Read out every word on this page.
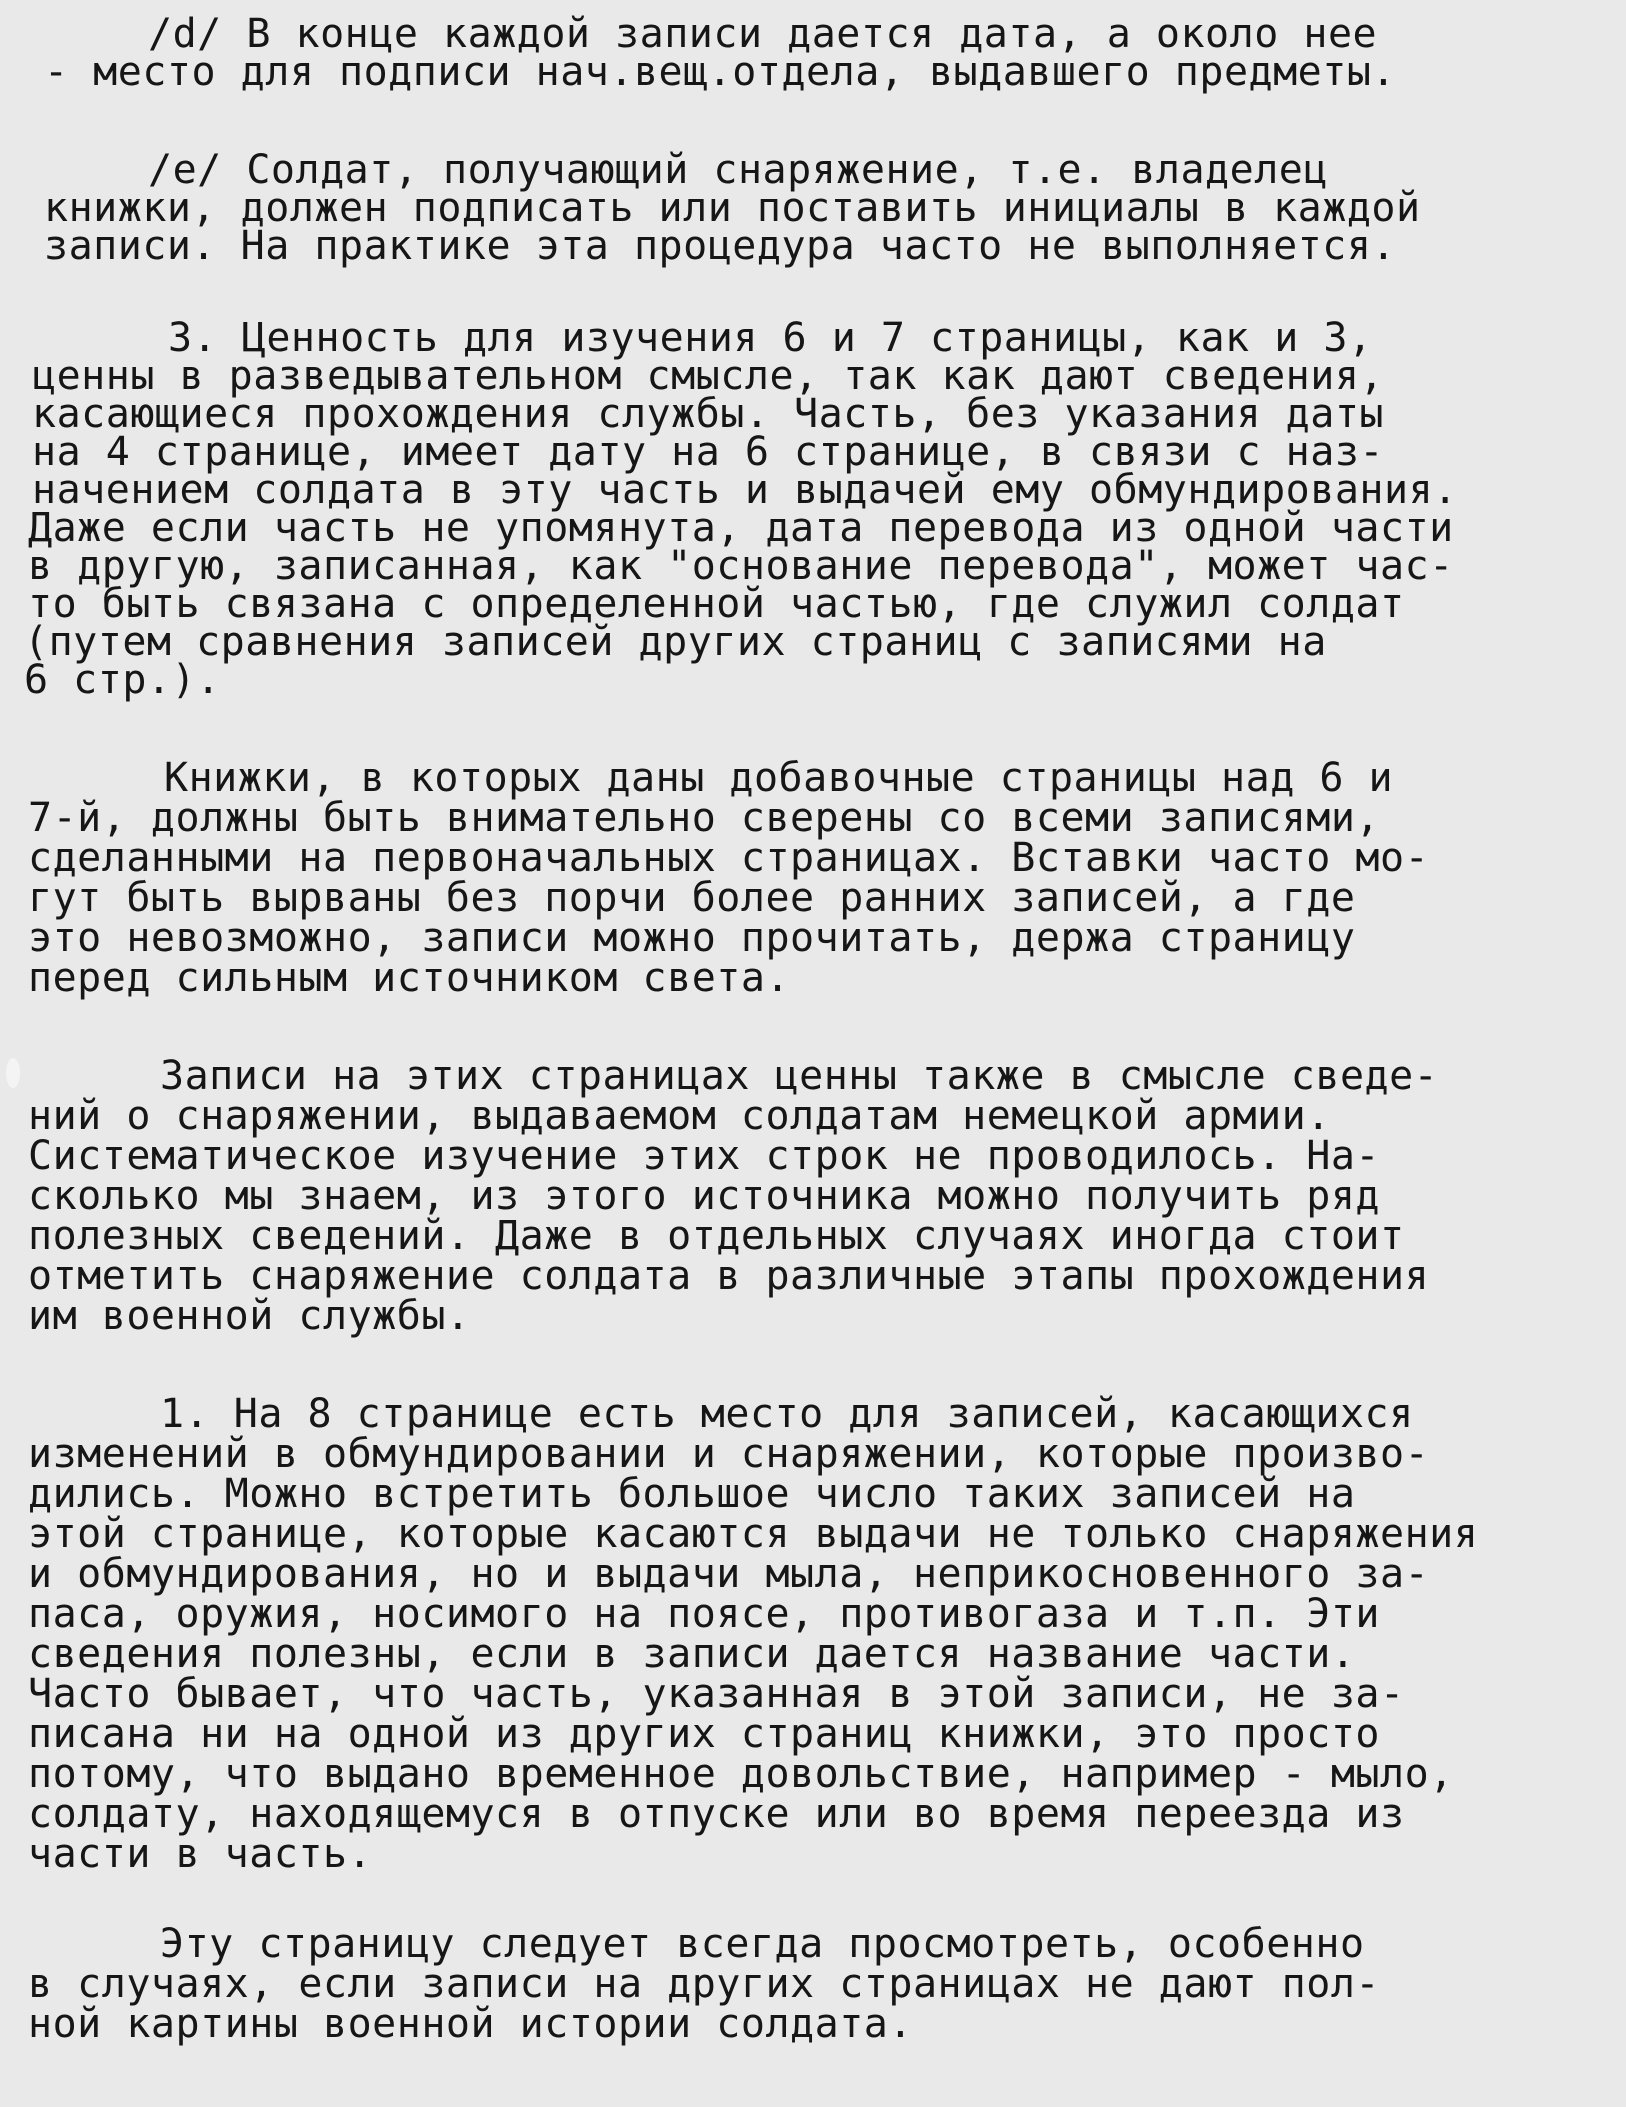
/d/ В конце каждой записи дается дата, а около нее
- место для подписи нач.вещ.отдела, выдавшего предметы.
/е/ Солдат, получающий снаряжение, т.е. владелец
книжки, должен подписать или поставить инициалы в каждой
записи. На практике эта процедура часто не выполняется.
3. Ценность для изучения 6 и 7 страницы, как и 3,
ценны в разведывательном смысле, так как дают сведения,
касающиеся прохождения службы. Часть, без указания даты
на 4 странице, имеет дату на 6 странице, в связи с наз-
начением солдата в эту часть и выдачей ему обмундирования.
Даже если часть не упомянута, дата перевода из одной части
в другую, записанная, как "основание перевода", может час-
то быть связана с определенной частью, где служил солдат
(путем сравнения записей других страниц с записями на
6 стр.).
Книжки, в которых даны добавочные страницы над 6 и
7-й, должны быть внимательно сверены со всеми записями,
сделанными на первоначальных страницах. Вставки часто мо-
гут быть вырваны без порчи более ранних записей, а где
это невозможно, записи можно прочитать, держа страницу
перед сильным источником света.
Записи на этих страницах ценны также в смысле сведе-
ний о снаряжении, выдаваемом солдатам немецкой армии.
Систематическое изучение этих строк не проводилось. На-
сколько мы знаем, из этого источника можно получить ряд
полезных сведений. Даже в отдельных случаях иногда стоит
отметить снаряжение солдата в различные этапы прохождения
им военной службы.
1. На 8 странице есть место для записей, касающихся
изменений в обмундировании и снаряжении, которые произво-
дились. Можно встретить большое число таких записей на
этой странице, которые касаются выдачи не только снаряжения
и обмундирования, но и выдачи мыла, неприкосновенного за-
паса, оружия, носимого на поясе, противогаза и т.п. Эти
сведения полезны, если в записи дается название части.
Часто бывает, что часть, указанная в этой записи, не за-
писана ни на одной из других страниц книжки, это просто
потому, что выдано временное довольствие, например - мыло,
солдату, находящемуся в отпуске или во время переезда из
части в часть.
Эту страницу следует всегда просмотреть, особенно
в случаях, если записи на других страницах не дают пол-
ной картины военной истории солдата.
